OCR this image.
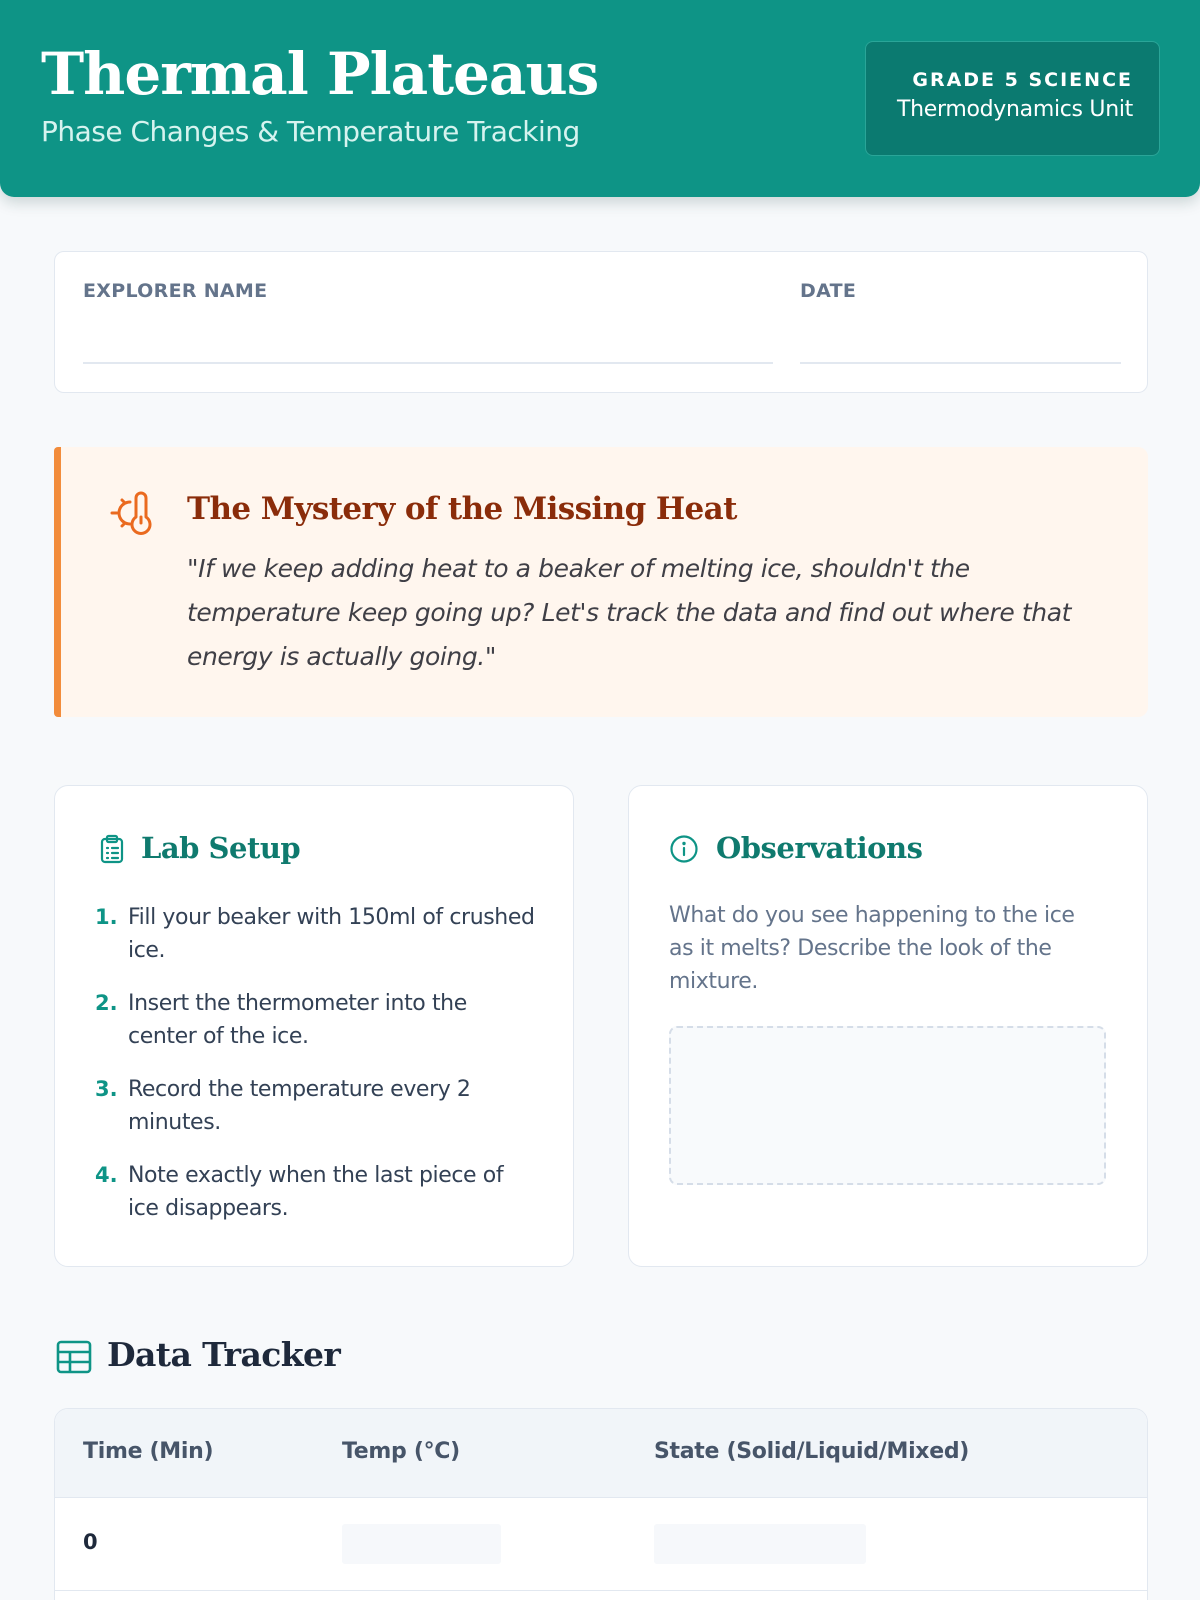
Thermal Plateaus
Phase Changes & Temperature Tracking
GRADE 5 SCIENCE
Thermodynamics Unit
EXPLORER NAME	DATE
The Mystery of the Missing Heat
"If we keep adding heat to a beaker of melting ice, shouldn't the temperature keep going up? Let's track the data and find out where that energy is actually going."
Lab Setup
1. Fill your beaker with 150ml of crushed ice.
2. Insert the thermometer into the center of the ice.
3. Record the temperature every 2 minutes.
4. Note exactly when the last piece of ice disappears.
Observations
What do you see happening to the ice as it melts? Describe the look of the mixture.
Data Tracker
Time (Min)	Temp (°C)	State (Solid/Liquid/Mixed)
0
